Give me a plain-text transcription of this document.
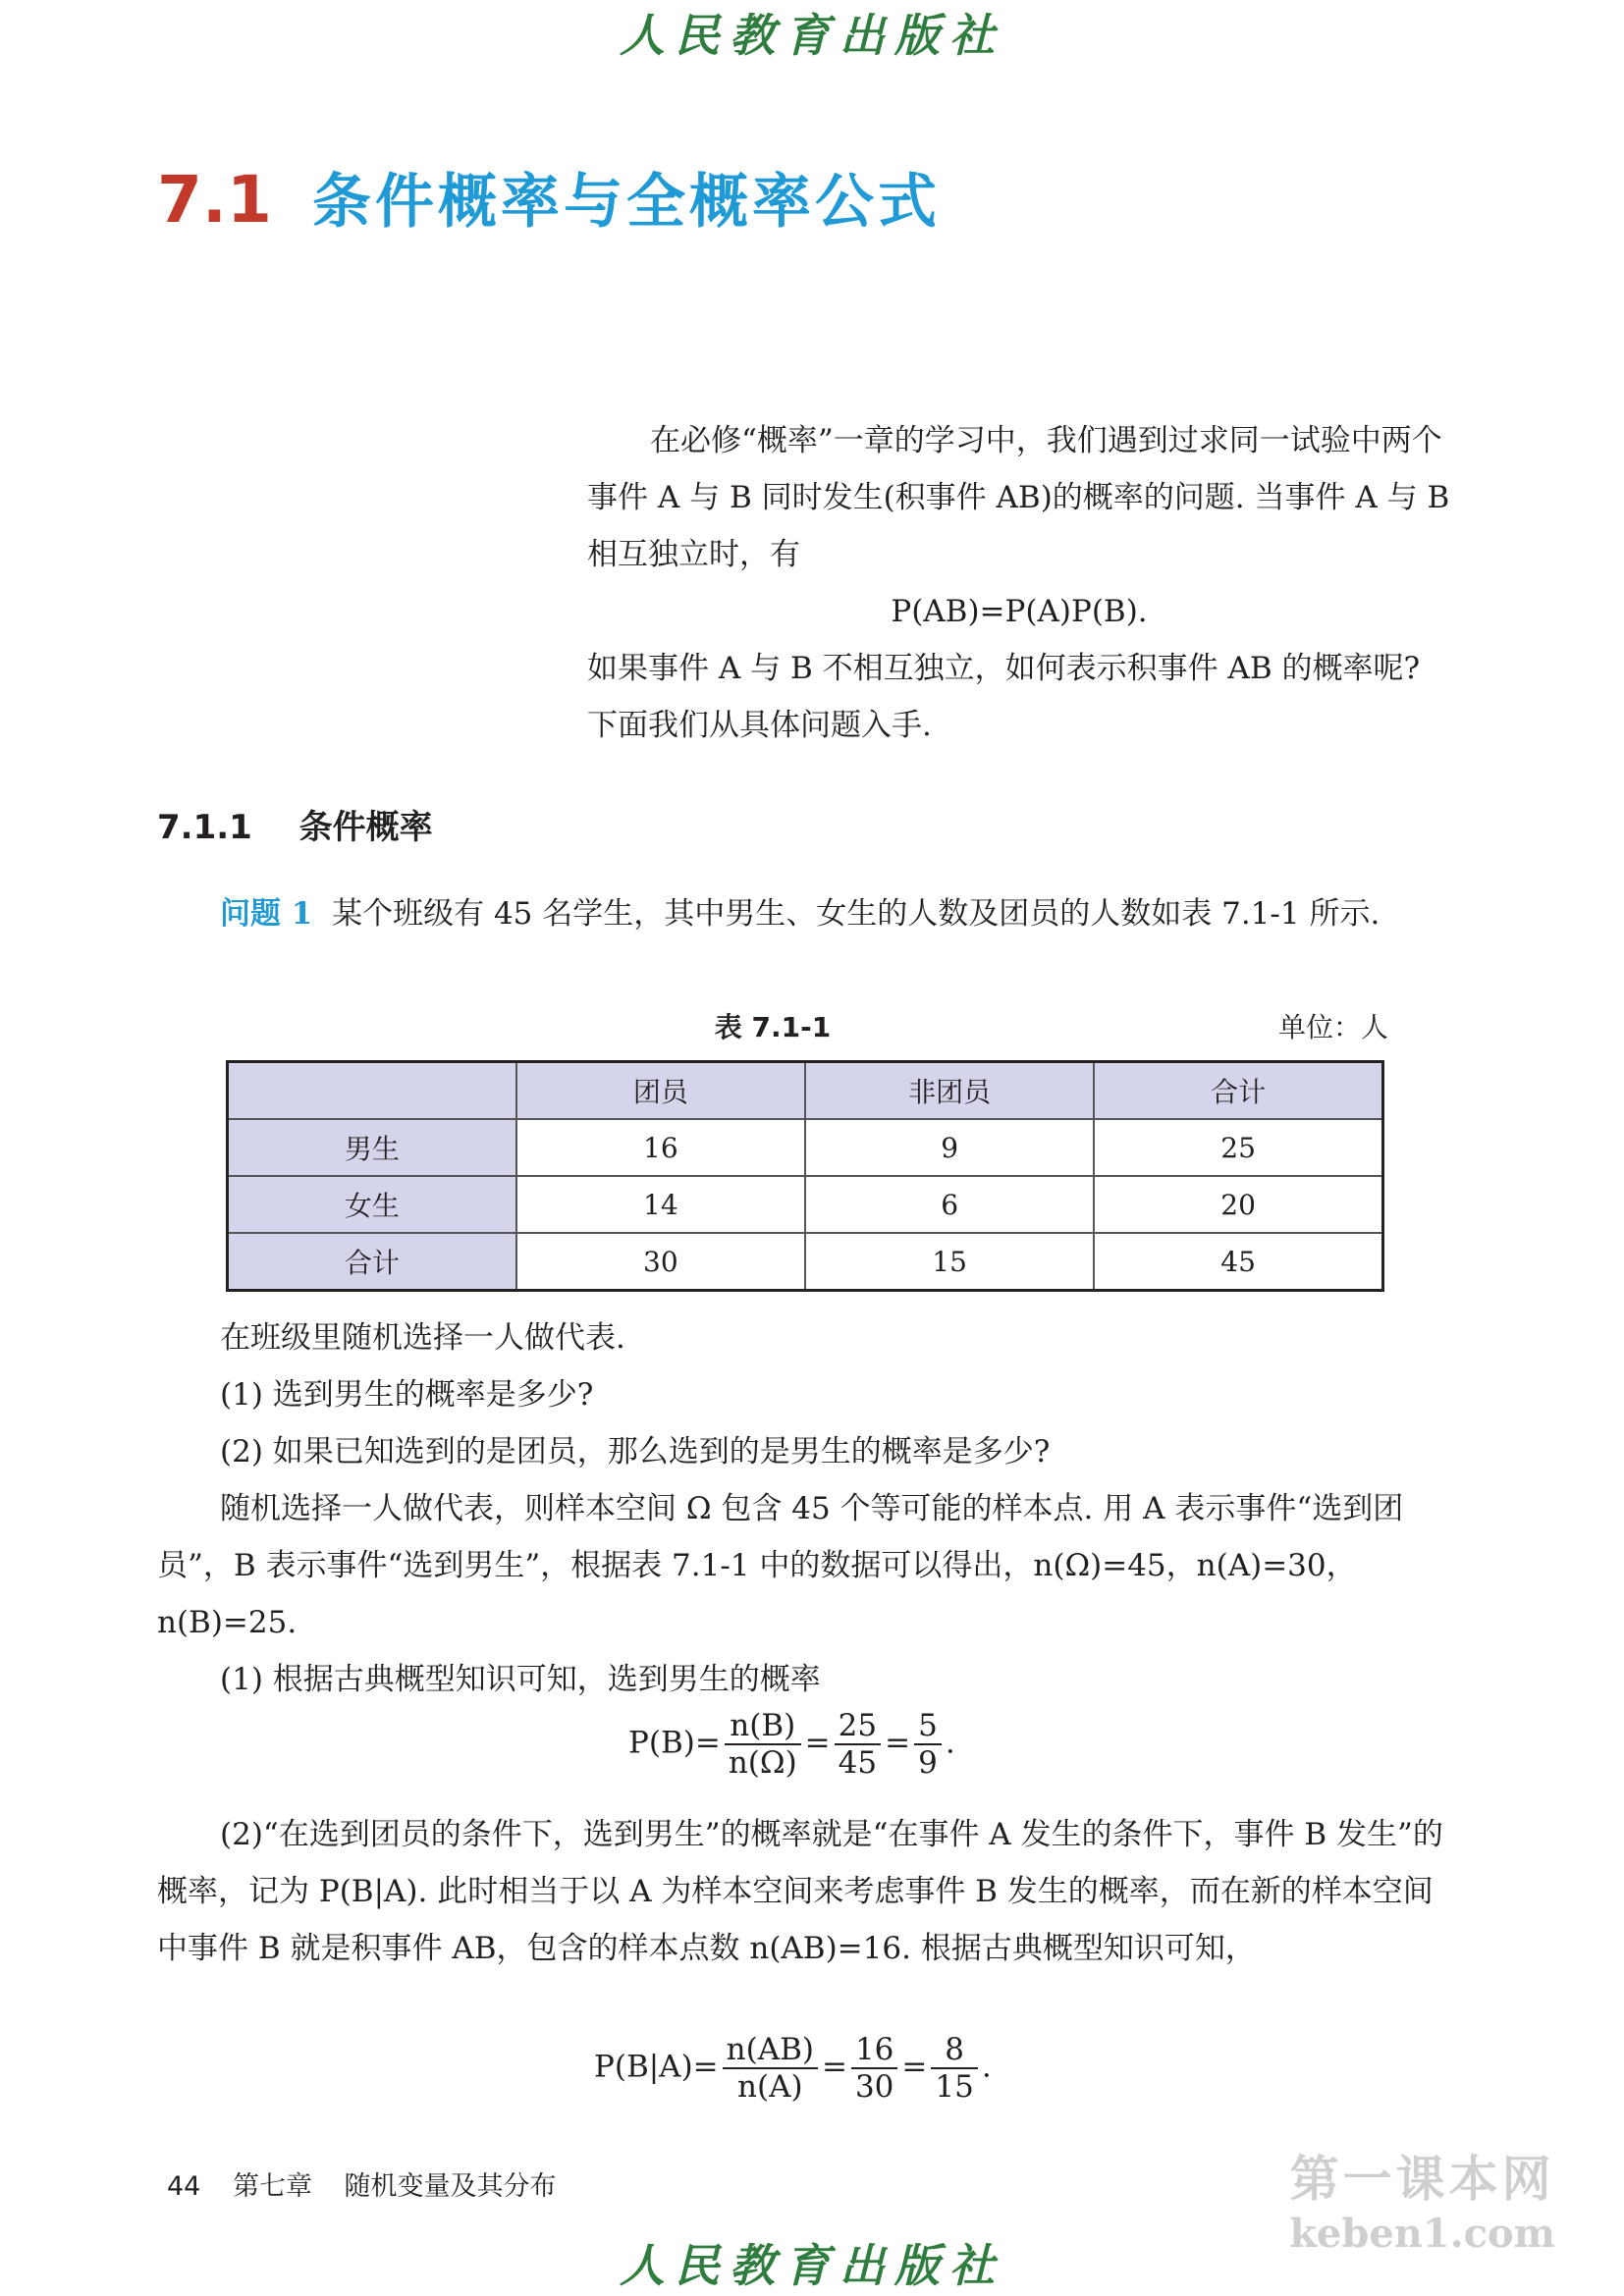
人民教育出版社
7.1 条件概率与全概率公式

在必修“概率”一章的学习中，我们遇到过求同一试验中两个事件 A 与 B 同时发生(积事件 AB)的概率的问题. 当事件 A 与 B 相互独立时，有

P(AB)=P(A)P(B).

如果事件 A 与 B 不相互独立，如何表示积事件 AB 的概率呢? 下面我们从具体问题入手.

7.1.1 条件概率

问题 1 某个班级有 45 名学生，其中男生、女生的人数及团员的人数如表 7.1-1 所示.

表 7.1-1	单位：人
	团员	非团员	合计
男生	16	9	25
女生	14	6	20
合计	30	15	45

在班级里随机选择一人做代表.

(1) 选到男生的概率是多少?

(2) 如果已知选到的是团员，那么选到的是男生的概率是多少?

随机选择一人做代表，则样本空间 Ω 包含 45 个等可能的样本点. 用 A 表示事件“选到团员”，B 表示事件“选到男生”，根据表 7.1-1 中的数据可以得出，n(Ω)=45，n(A)=30，n(B)=25.

(1) 根据古典概型知识可知，选到男生的概率

$P(B)= \frac{n(B)}{n(\Omega)} = \frac{25}{45} = \frac{5}{9}$ .

(2)“在选到团员的条件下，选到男生”的概率就是“在事件 A 发生的条件下，事件 B 发生”的概率，记为 P(B|A). 此时相当于以 A 为样本空间来考虑事件 B 发生的概率，而在新的样本空间中事件 B 就是积事件 AB，包含的样本点数 n(AB)=16. 根据古典概型知识可知，

$P(B|A)= \frac{n(AB)}{n(A)} = \frac{16}{30} = \frac{8}{15}$ .
44 第七章 随机变量及其分布	第一课本网
keben1.com
人民教育出版社
